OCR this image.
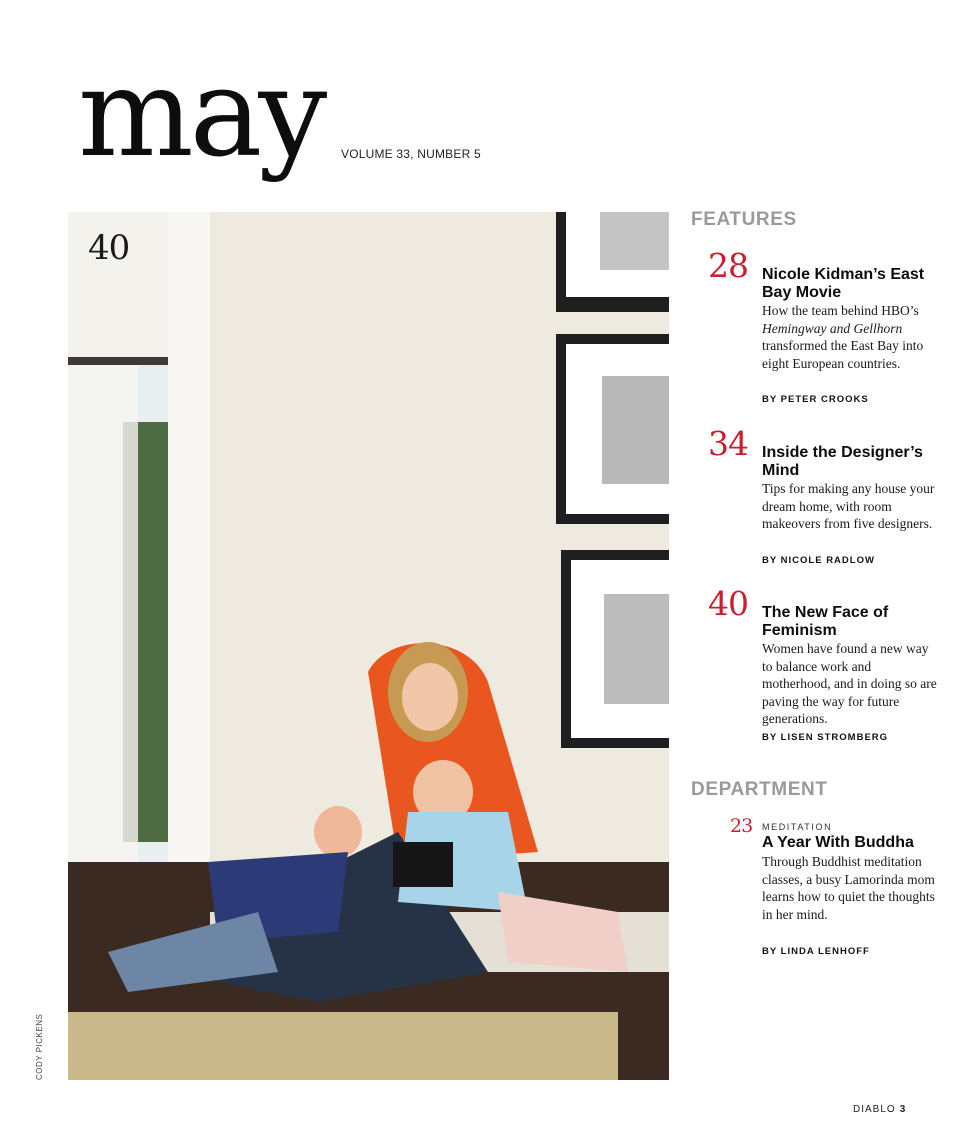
may VOLUME 33, NUMBER 5
40
CODY PICKENS
FEATURES
28 Nicole Kidman’s East Bay Movie
How the team behind HBO’s Hemingway and Gellhorn transformed the East Bay into eight European countries.
BY PETER CROOKS
34 Inside the Designer’s Mind
Tips for making any house your dream home, with room makeovers from five designers.
BY NICOLE RADLOW
40 The New Face of Feminism
Women have found a new way to balance work and motherhood, and in doing so are paving the way for future generations.
BY LISEN STROMBERG
DEPARTMENT
23 MEDITATION
A Year With Buddha
Through Buddhist meditation classes, a busy Lamorinda mom learns how to quiet the thoughts in her mind.
BY LINDA LENHOFF
DIABLO 3
